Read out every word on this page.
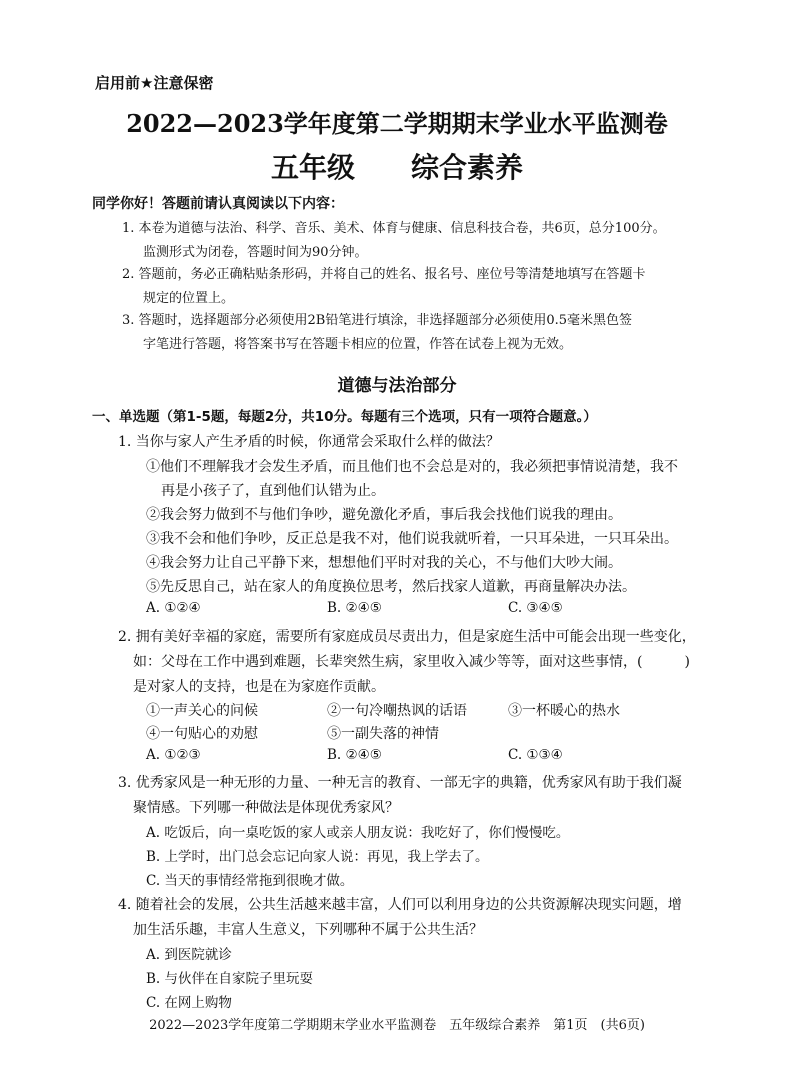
启用前★注意保密
2022—2023学年度第二学期期末学业水平监测卷
五年级 综合素养
同学你好！答题前请认真阅读以下内容：
1. 本卷为道德与法治、科学、音乐、美术、体育与健康、信息科技合卷，共6页，总分100分。
监测形式为闭卷，答题时间为90分钟。
2. 答题前，务必正确粘贴条形码，并将自己的姓名、报名号、座位号等清楚地填写在答题卡
规定的位置上。
3. 答题时，选择题部分必须使用2B铅笔进行填涂，非选择题部分必须使用0.5毫米黑色签
字笔进行答题，将答案书写在答题卡相应的位置，作答在试卷上视为无效。
道德与法治部分
一、单选题（第1-5题，每题2分，共10分。每题有三个选项，只有一项符合题意。）
1. 当你与家人产生矛盾的时候，你通常会采取什么样的做法？
①他们不理解我才会发生矛盾，而且他们也不会总是对的，我必须把事情说清楚，我不
再是小孩子了，直到他们认错为止。
②我会努力做到不与他们争吵，避免激化矛盾，事后我会找他们说我的理由。
③我不会和他们争吵，反正总是我不对，他们说我就听着，一只耳朵进，一只耳朵出。
④我会努力让自己平静下来，想想他们平时对我的关心，不与他们大吵大闹。
⑤先反思自己，站在家人的角度换位思考，然后找家人道歉，再商量解决办法。
A. ①②④	B. ②④⑤	C. ③④⑤
2. 拥有美好幸福的家庭，需要所有家庭成员尽责出力，但是家庭生活中可能会出现一些变化，
如：父母在工作中遇到难题，长辈突然生病，家里收入减少等等，面对这些事情，(　　　)
是对家人的支持，也是在为家庭作贡献。
①一声关心的问候	②一句冷嘲热讽的话语	③一杯暖心的热水
④一句贴心的劝慰	⑤一副失落的神情
A. ①②③	B. ②④⑤	C. ①③④
3. 优秀家风是一种无形的力量、一种无言的教育、一部无字的典籍，优秀家风有助于我们凝
聚情感。下列哪一种做法是体现优秀家风？
A. 吃饭后，向一桌吃饭的家人或亲人朋友说：我吃好了，你们慢慢吃。
B. 上学时，出门总会忘记向家人说：再见，我上学去了。
C. 当天的事情经常拖到很晚才做。
4. 随着社会的发展，公共生活越来越丰富，人们可以利用身边的公共资源解决现实问题，增
加生活乐趣，丰富人生意义，下列哪种不属于公共生活？
A. 到医院就诊
B. 与伙伴在自家院子里玩耍
C. 在网上购物
2022—2023学年度第二学期期末学业水平监测卷　五年级综合素养　第1页　(共6页)
